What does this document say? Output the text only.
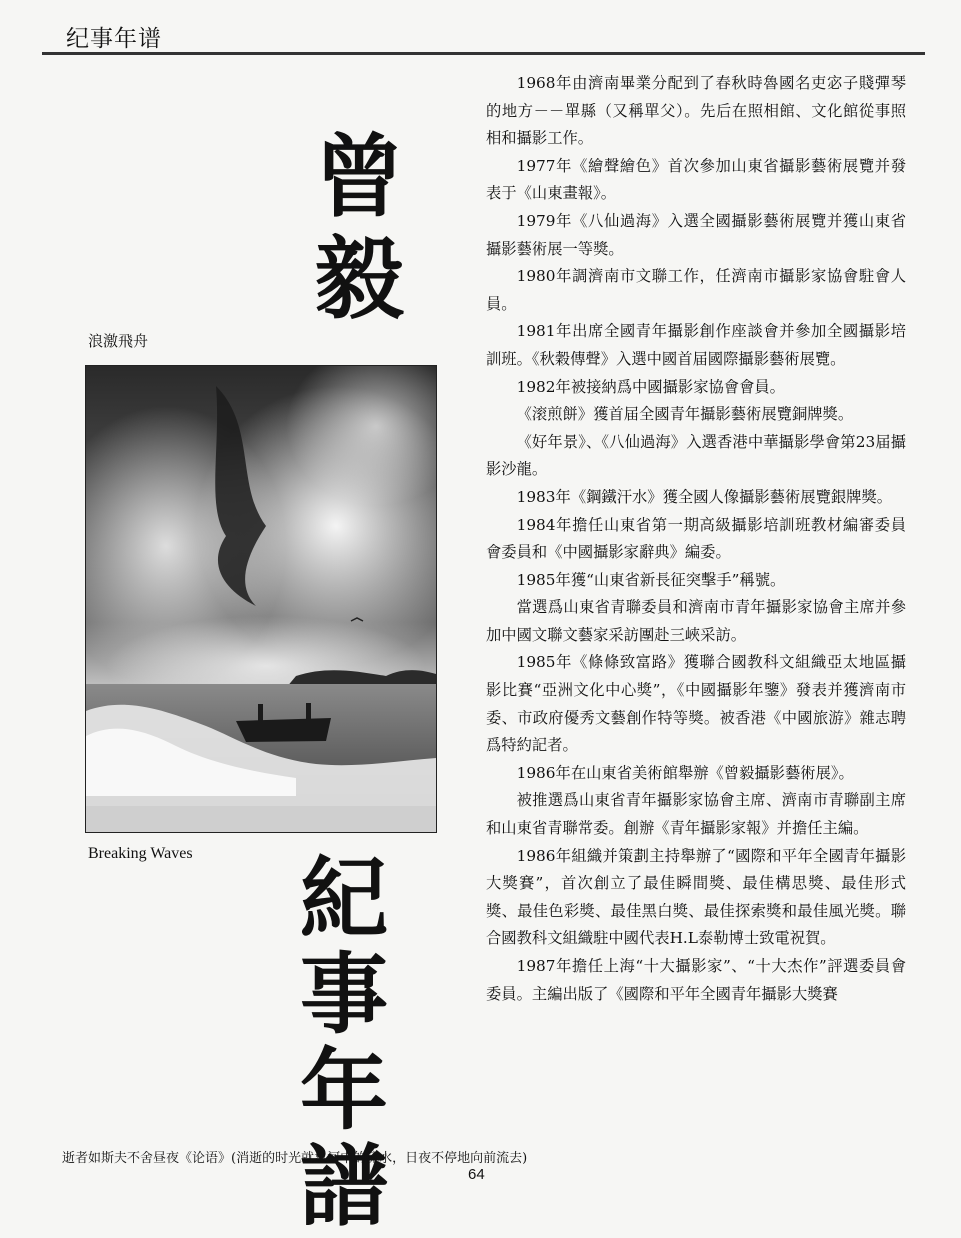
纪事年谱
曾
毅
浪激飛舟
Breaking Waves 紀
事
年
譜

1968年由濟南畢業分配到了春秋時魯國名吏宓子賤彈琴的地方－－單縣（又稱單父）。先后在照相館、文化館從事照相和攝影工作。

1977年《繪聲繪色》首次參加山東省攝影藝術展覽并發表于《山東畫報》。

1979年《八仙過海》入選全國攝影藝術展覽并獲山東省攝影藝術展一等獎。

1980年調濟南市文聯工作，任濟南市攝影家協會駐會人員。

1981年出席全國青年攝影創作座談會并參加全國攝影培訓班。《秋穀傳聲》入選中國首届國際攝影藝術展覽。

1982年被接納爲中國攝影家協會會員。

《滚煎餅》獲首届全國青年攝影藝術展覽銅牌獎。

《好年景》、《八仙過海》入選香港中華攝影學會第23届攝影沙龍。

1983年《鋼鐵汗水》獲全國人像攝影藝術展覽銀牌獎。

1984年擔任山東省第一期高級攝影培訓班教材編審委員會委員和《中國攝影家辭典》編委。

1985年獲“山東省新長征突擊手”稱號。

當選爲山東省青聯委員和濟南市青年攝影家協會主席并參加中國文聯文藝家采訪團赴三峽采訪。

1985年《條條致富路》獲聯合國教科文組織亞太地區攝影比賽“亞洲文化中心獎”，《中國攝影年鑒》發表并獲濟南市委、市政府優秀文藝創作特等獎。被香港《中國旅游》雜志聘爲特約記者。

1986年在山東省美術館舉辦《曾毅攝影藝術展》。

被推選爲山東省青年攝影家協會主席、濟南市青聯副主席和山東省青聯常委。創辦《青年攝影家報》并擔任主編。

1986年組織并策劃主持舉辦了“國際和平年全國青年攝影大獎賽”，首次創立了最佳瞬間獎、最佳構思獎、最佳形式獎、最佳色彩獎、最佳黑白獎、最佳探索獎和最佳風光獎。聯合國教科文組織駐中國代表H.L泰勒博士致電祝賀。

1987年擔任上海“十大攝影家”、“十大杰作”評選委員會委員。主編出版了《國際和平年全國青年攝影大獎賽

逝者如斯夫不舍昼夜《论语》(消逝的时光就象河中的流水，日夜不停地向前流去)
64
